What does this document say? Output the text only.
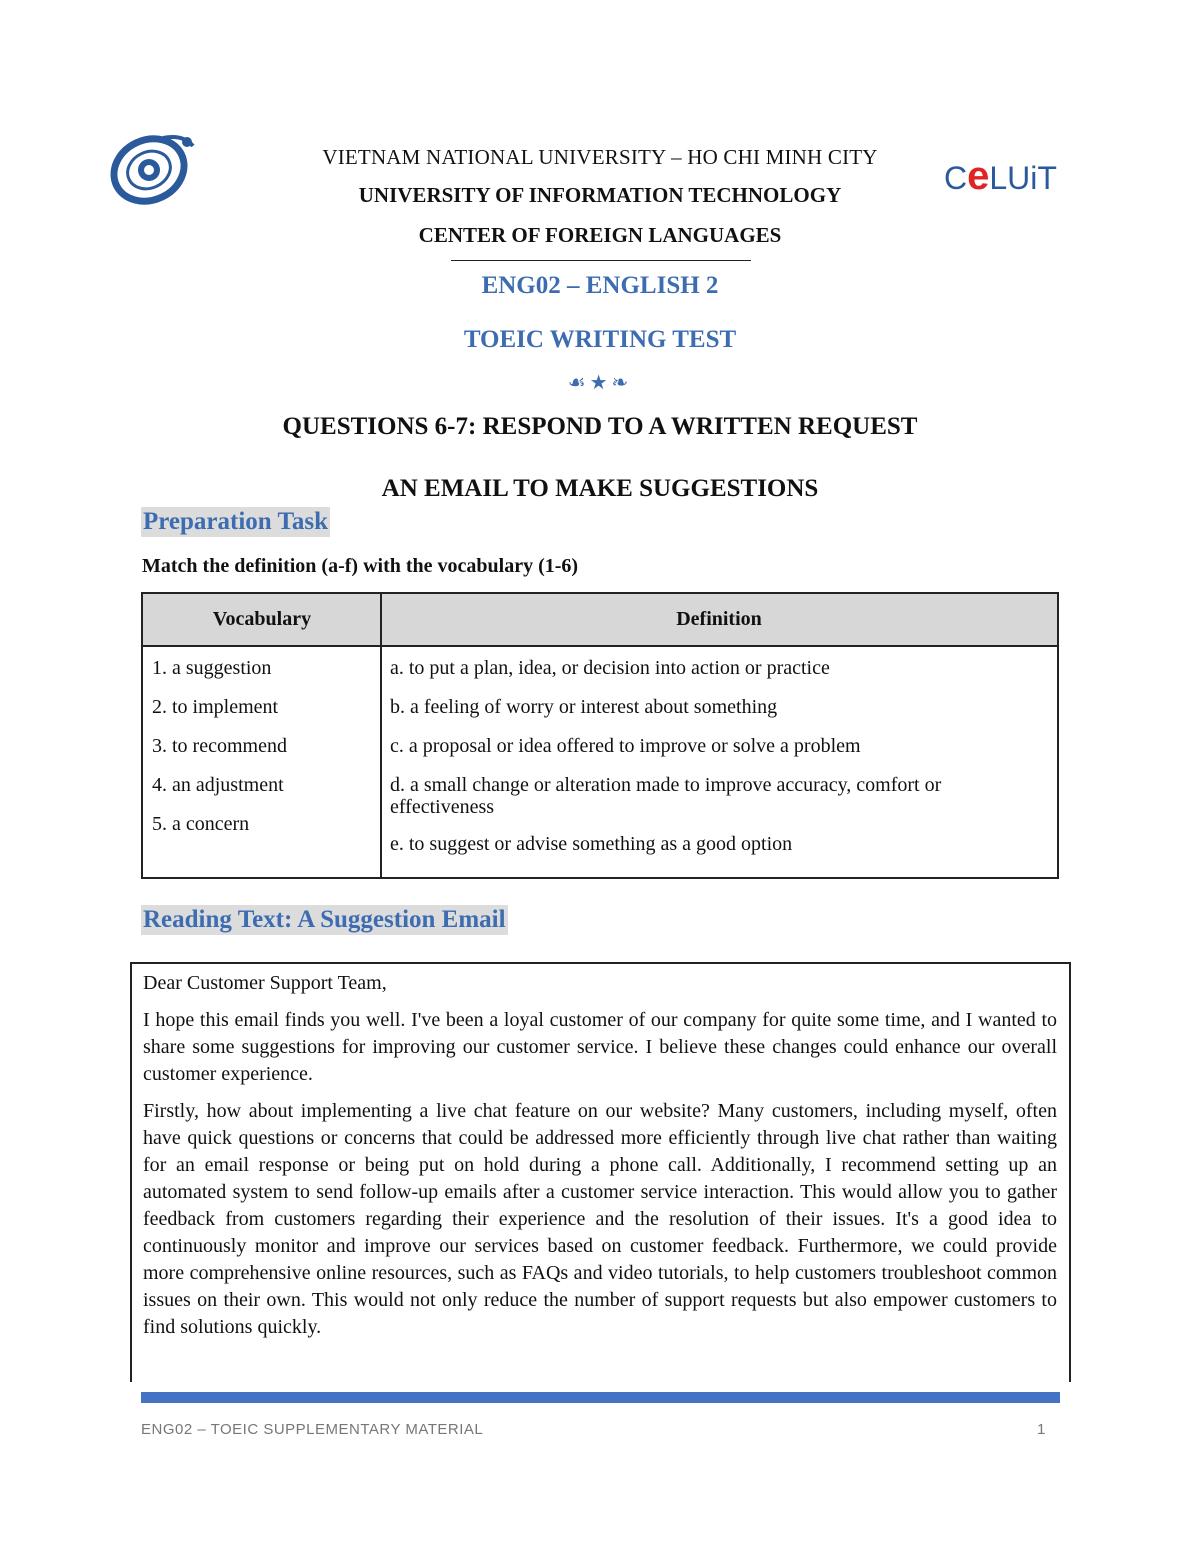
CeLUiT
VIETNAM NATIONAL UNIVERSITY – HO CHI MINH CITY
UNIVERSITY OF INFORMATION TECHNOLOGY
CENTER OF FOREIGN LANGUAGES
ENG02 – ENGLISH 2
TOEIC WRITING TEST
☙★❧
QUESTIONS 6-7: RESPOND TO A WRITTEN REQUEST
AN EMAIL TO MAKE SUGGESTIONS
Preparation Task
Match the definition (a-f) with the vocabulary (1-6)
Vocabulary	Definition
1. a suggestion
2. to implement
3. to recommend
4. an adjustment
5. a concern
a. to put a plan, idea, or decision into action or practice
b. a feeling of worry or interest about something
c. a proposal or idea offered to improve or solve a problem
d. a small change or alteration made to improve accuracy, comfort or effectiveness
e. to suggest or advise something as a good option
Reading Text: A Suggestion Email

Dear Customer Support Team,

I hope this email finds you well. I've been a loyal customer of our company for quite some time, and I wanted to share some suggestions for improving our customer service. I believe these changes could enhance our overall customer experience.

Firstly, how about implementing a live chat feature on our website? Many customers, including myself, often have quick questions or concerns that could be addressed more efficiently through live chat rather than waiting for an email response or being put on hold during a phone call. Additionally, I recommend setting up an automated system to send follow-up emails after a customer service interaction. This would allow you to gather feedback from customers regarding their experience and the resolution of their issues. It's a good idea to continuously monitor and improve our services based on customer feedback. Furthermore, we could provide more comprehensive online resources, such as FAQs and video tutorials, to help customers troubleshoot common issues on their own. This would not only reduce the number of support requests but also empower customers to find solutions quickly.

ENG02 – TOEIC SUPPLEMENTARY MATERIAL	1
